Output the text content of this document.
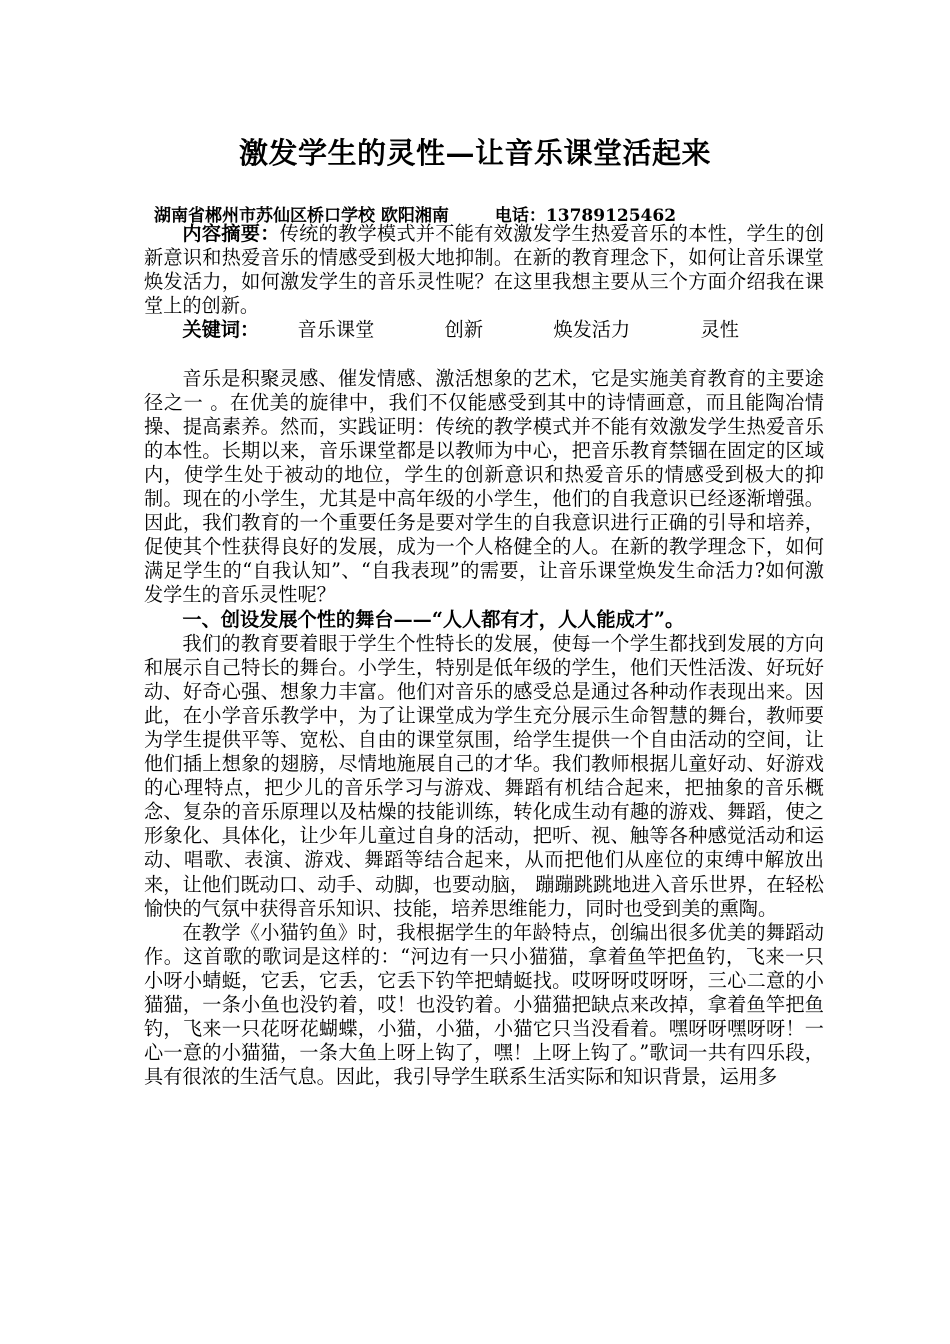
激发学生的灵性—让音乐课堂活起来
湖南省郴州市苏仙区桥口学校 欧阳湘南	电话：13789125462

内容摘要：传统的教学模式并不能有效激发学生热爱音乐的本性，学生的创新意识和热爱音乐的情感受到极大地抑制。在新的教育理念下，如何让音乐课堂焕发活力，如何激发学生的音乐灵性呢？在这里我想主要从三个方面介绍我在课堂上的创新。

关键词： 音乐课堂	创新	焕发活力	灵性

音乐是积聚灵感、催发情感、激活想象的艺术，它是实施美育教育的主要途径之一 。在优美的旋律中，我们不仅能感受到其中的诗情画意，而且能陶冶情操、提高素养。然而，实践证明：传统的教学模式并不能有效激发学生热爱音乐的本性。长期以来，音乐课堂都是以教师为中心，把音乐教育禁锢在固定的区域内，使学生处于被动的地位，学生的创新意识和热爱音乐的情感受到极大的抑制。现在的小学生，尤其是中高年级的小学生，他们的自我意识已经逐渐增强。因此，我们教育的一个重要任务是要对学生的自我意识进行正确的引导和培养，促使其个性获得良好的发展，成为一个人格健全的人。在新的教学理念下，如何满足学生的“自我认知”、“自我表现”的需要，让音乐课堂焕发生命活力?如何激发学生的音乐灵性呢？

一、创设发展个性的舞台——“人人都有才，人人能成才”。

我们的教育要着眼于学生个性特长的发展，使每一个学生都找到发展的方向和展示自己特长的舞台。小学生，特别是低年级的学生，他们天性活泼、好玩好动、好奇心强、想象力丰富。他们对音乐的感受总是通过各种动作表现出来。因此，在小学音乐教学中，为了让课堂成为学生充分展示生命智慧的舞台，教师要为学生提供平等、宽松、自由的课堂氛围，给学生提供一个自由活动的空间，让他们插上想象的翅膀，尽情地施展自己的才华。我们教师根据儿童好动、好游戏的心理特点，把少儿的音乐学习与游戏、舞蹈有机结合起来，把抽象的音乐概念、复杂的音乐原理以及枯燥的技能训练，转化成生动有趣的游戏、舞蹈，使之形象化、具体化，让少年儿童过自身的活动，把听、视、触等各种感觉活动和运动、唱歌、表演、游戏、舞蹈等结合起来，从而把他们从座位的束缚中解放出来，让他们既动口、动手、动脚，也要动脑， 蹦蹦跳跳地进入音乐世界，在轻松愉快的气氛中获得音乐知识、技能，培养思维能力，同时也受到美的熏陶。

在教学《小猫钓鱼》时，我根据学生的年龄特点，创编出很多优美的舞蹈动作。这首歌的歌词是这样的：“河边有一只小猫猫，拿着鱼竿把鱼钓，飞来一只小呀小蜻蜓，它丢，它丢，它丢下钓竿把蜻蜓找。哎呀呀哎呀呀，三心二意的小猫猫，一条小鱼也没钓着，哎！也没钓着。小猫猫把缺点来改掉，拿着鱼竿把鱼钓，飞来一只花呀花蝴蝶，小猫，小猫，小猫它只当没看着。嘿呀呀嘿呀呀！一心一意的小猫猫，一条大鱼上呀上钩了，嘿！上呀上钩了。”歌词一共有四乐段，具有很浓的生活气息。因此，我引导学生联系生活实际和知识背景，运用多
